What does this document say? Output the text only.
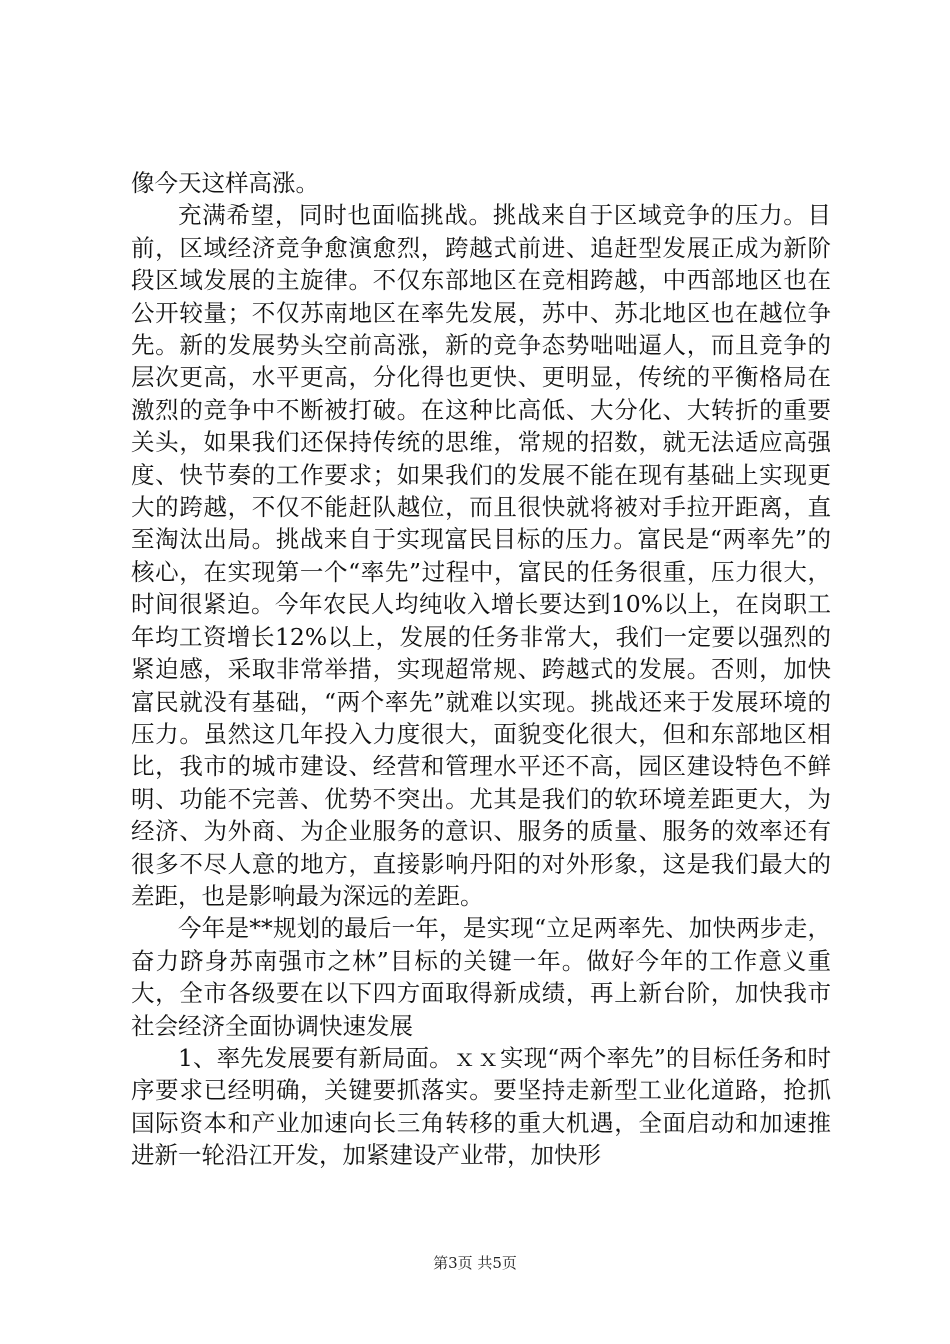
像今天这样高涨。

充满希望，同时也面临挑战。挑战来自于区域竞争的压力。目前，区域经济竞争愈演愈烈，跨越式前进、追赶型发展正成为新阶段区域发展的主旋律。不仅东部地区在竞相跨越，中西部地区也在公开较量；不仅苏南地区在率先发展，苏中、苏北地区也在越位争先。新的发展势头空前高涨，新的竞争态势咄咄逼人，而且竞争的层次更高，水平更高，分化得也更快、更明显，传统的平衡格局在激烈的竞争中不断被打破。在这种比高低、大分化、大转折的重要关头，如果我们还保持传统的思维，常规的招数，就无法适应高强度、快节奏的工作要求；如果我们的发展不能在现有基础上实现更大的跨越，不仅不能赶队越位，而且很快就将被对手拉开距离，直至淘汰出局。挑战来自于实现富民目标的压力。富民是“两率先”的核心，在实现第一个“率先”过程中，富民的任务很重，压力很大，时间很紧迫。今年农民人均纯收入增长要达到10%以上，在岗职工年均工资增长12%以上，发展的任务非常大，我们一定要以强烈的紧迫感，采取非常举措，实现超常规、跨越式的发展。否则，加快富民就没有基础，“两个率先”就难以实现。挑战还来于发展环境的压力。虽然这几年投入力度很大，面貌变化很大，但和东部地区相比，我市的城市建设、经营和管理水平还不高，园区建设特色不鲜明、功能不完善、优势不突出。尤其是我们的软环境差距更大，为经济、为外商、为企业服务的意识、服务的质量、服务的效率还有很多不尽人意的地方，直接影响丹阳的对外形象，这是我们最大的差距，也是影响最为深远的差距。

今年是**规划的最后一年，是实现“立足两率先、加快两步走，奋力跻身苏南强市之林”目标的关键一年。做好今年的工作意义重大，全市各级要在以下四方面取得新成绩，再上新台阶，加快我市社会经济全面协调快速发展

1、率先发展要有新局面。ｘｘ实现“两个率先”的目标任务和时序要求已经明确，关键要抓落实。要坚持走新型工业化道路，抢抓国际资本和产业加速向长三角转移的重大机遇，全面启动和加速推进新一轮沿江开发，加紧建设产业带，加快形

第3页 共5页
